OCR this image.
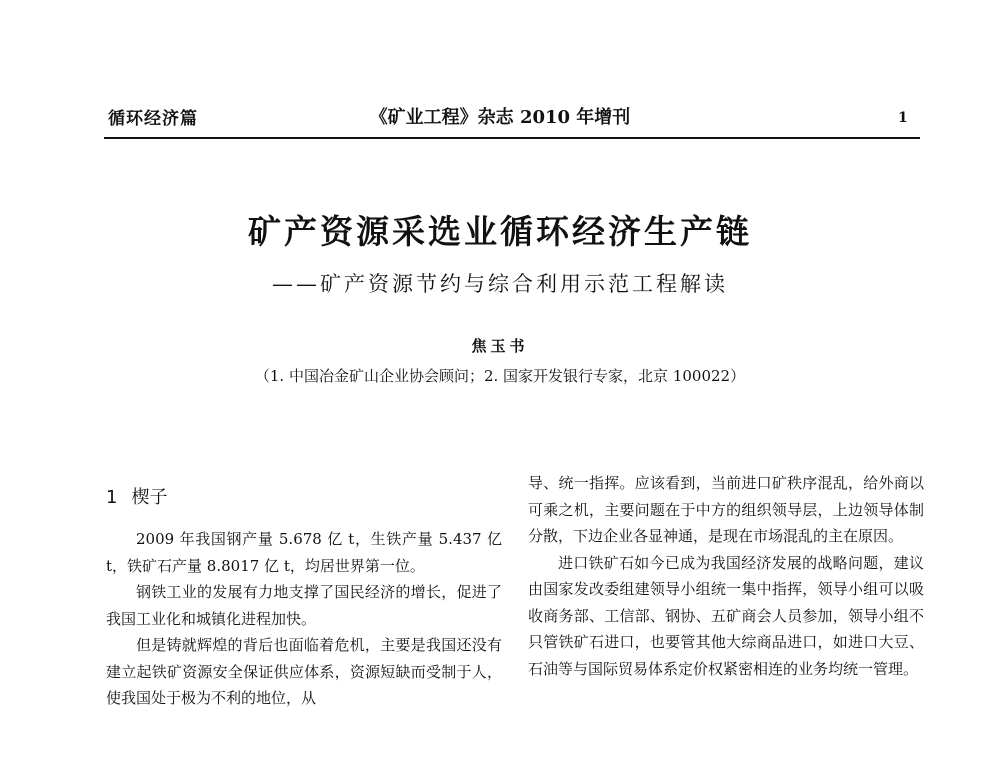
循环经济篇	《矿业工程》杂志 2010 年增刊	1
矿产资源采选业循环经济生产链
——矿产资源节约与综合利用示范工程解读
焦玉书
（1. 中国冶金矿山企业协会顾问；2. 国家开发银行专家，北京 100022）
1 楔子

2009 年我国钢产量 5.678 亿 t，生铁产量 5.437 亿 t，铁矿石产量 8.8017 亿 t，均居世界第一位。

钢铁工业的发展有力地支撑了国民经济的增长，促进了我国工业化和城镇化进程加快。

但是铸就辉煌的背后也面临着危机，主要是我国还没有建立起铁矿资源安全保证供应体系，资源短缺而受制于人，使我国处于极为不利的地位，从

导、统一指挥。应该看到，当前进口矿秩序混乱，给外商以可乘之机，主要问题在于中方的组织领导层，上边领导体制分散，下边企业各显神通，是现在市场混乱的主在原因。

进口铁矿石如今已成为我国经济发展的战略问题，建议由国家发改委组建领导小组统一集中指挥，领导小组可以吸收商务部、工信部、钢协、五矿商会人员参加，领导小组不只管铁矿石进口，也要管其他大综商品进口，如进口大豆、石油等与国际贸易体系定价权紧密相连的业务均统一管理。
